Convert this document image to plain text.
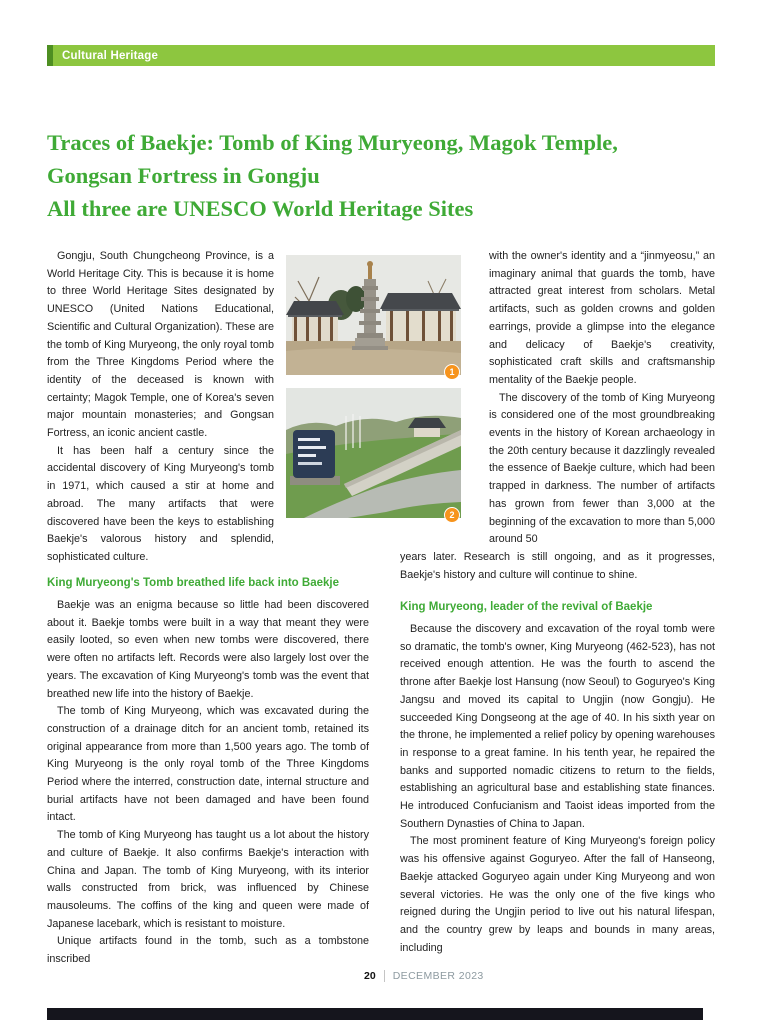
Cultural Heritage
Traces of Baekje: Tomb of King Muryeong, Magok Temple,
Gongsan Fortress in Gongju
All three are UNESCO World Heritage Sites

Gongju, South Chungcheong Province, is a World Heritage City. This is because it is home to three World Heritage Sites designated by UNESCO (United Nations Educational, Scientific and Cultural Organization). These are the tomb of King Muryeong, the only royal tomb from the Three Kingdoms Period where the identity of the deceased is known with certainty; Magok Temple, one of Korea's seven major mountain monasteries; and Gongsan Fortress, an iconic ancient castle.

It has been half a century since the accidental discovery of King Muryeong's tomb in 1971, which caused a stir at home and abroad. The many artifacts that were discovered have been the keys to establishing Baekje's valorous history and splendid, sophisticated culture.

1
2

with the owner's identity and a “jinmyeosu,” an imaginary animal that guards the tomb, have attracted great interest from scholars. Metal artifacts, such as golden crowns and golden earrings, provide a glimpse into the elegance and delicacy of Baekje's creativity, sophisticated craft skills and craftsmanship mentality of the Baekje people.

The discovery of the tomb of King Muryeong is considered one of the most groundbreaking events in the history of Korean archaeology in the 20th century because it dazzlingly revealed the essence of Baekje culture, which had been trapped in darkness. The number of artifacts has grown from fewer than 3,000 at the beginning of the excavation to more than 5,000 around 50

years later. Research is still ongoing, and as it progresses, Baekje's history and culture will continue to shine.

King Muryeong's Tomb breathed life back into Baekje

Baekje was an enigma because so little had been discovered about it. Baekje tombs were built in a way that meant they were easily looted, so even when new tombs were discovered, there were often no artifacts left. Records were also largely lost over the years. The excavation of King Muryeong's tomb was the event that breathed new life into the history of Baekje.

The tomb of King Muryeong, which was excavated during the construction of a drainage ditch for an ancient tomb, retained its original appearance from more than 1,500 years ago. The tomb of King Muryeong is the only royal tomb of the Three Kingdoms Period where the interred, construction date, internal structure and burial artifacts have not been damaged and have been found intact.

The tomb of King Muryeong has taught us a lot about the history and culture of Baekje. It also confirms Baekje's interaction with China and Japan. The tomb of King Muryeong, with its interior walls constructed from brick, was influenced by Chinese mausoleums. The coffins of the king and queen were made of Japanese lacebark, which is resistant to moisture.

Unique artifacts found in the tomb, such as a tombstone inscribed

King Muryeong, leader of the revival of Baekje

Because the discovery and excavation of the royal tomb were so dramatic, the tomb's owner, King Muryeong (462-523), has not received enough attention. He was the fourth to ascend the throne after Baekje lost Hansung (now Seoul) to Goguryeo's King Jangsu and moved its capital to Ungjin (now Gongju). He succeeded King Dongseong at the age of 40. In his sixth year on the throne, he implemented a relief policy by opening warehouses in response to a great famine. In his tenth year, he repaired the banks and supported nomadic citizens to return to the fields, establishing an agricultural base and establishing state finances. He introduced Confucianism and Taoist ideas imported from the Southern Dynasties of China to Japan.

The most prominent feature of King Muryeong's foreign policy was his offensive against Goguryeo. After the fall of Hanseong, Baekje attacked Goguryeo again under King Muryeong and won several victories. He was the only one of the five kings who reigned during the Ungjin period to live out his natural lifespan, and the country grew by leaps and bounds in many areas, including

20 DECEMBER 2023
